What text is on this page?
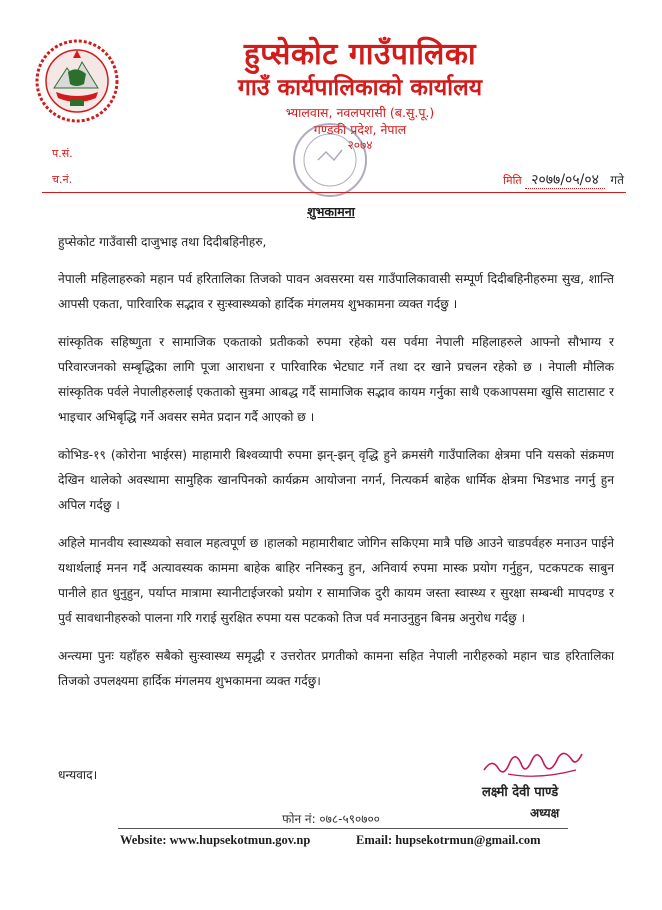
हुप्सेकोट गाउँपालिका
गाउँ कार्यपालिकाको कार्यालय
भ्यालवास, नवलपरासी (ब.सु.पू.)
गण्डकी प्रदेश, नेपाल
२०७४
प.सं.
च.नं.	मिति २०७७/०५/०४ गते
शुभकामना

हुप्सेकोट गाउँवासी दाजुभाइ तथा दिदीबहिनीहरु,

नेपाली महिलाहरुको महान पर्व हरितालिका तिजको पावन अवसरमा यस गाउँपालिकावासी सम्पूर्ण दिदीबहिनीहरुमा सुख, शान्ति आपसी एकता, पारिवारिक सद्भाव र सुःस्वास्थ्यको हार्दिक मंगलमय शुभकामना व्यक्त गर्दछु ।

सांस्कृतिक सहिष्णुता र सामाजिक एकताको प्रतीकको रुपमा रहेको यस पर्वमा नेपाली महिलाहरुले आफ्नो सौभाग्य र परिवारजनको सम्बृद्धिका लागि पूजा आराधना र पारिवारिक भेटघाट गर्ने तथा दर खाने प्रचलन रहेको छ । नेपाली मौलिक सांस्कृतिक पर्वले नेपालीहरुलाई एकताको सुत्रमा आबद्ध गर्दै सामाजिक सद्भाव कायम गर्नुका साथै एकआपसमा खुसि साटासाट र भाइचार अभिबृद्धि गर्ने अवसर समेत प्रदान गर्दै आएको छ ।

कोभिड-१९ (कोरोना भाईरस) माहामारी बिश्वव्यापी रुपमा झन्-झन् वृद्धि हुने क्रमसंगै गाउँपालिका क्षेत्रमा पनि यसको संक्रमण देखिन थालेको अवस्थामा सामुहिक खानपिनको कार्यक्रम आयोजना नगर्न, नित्यकर्म बाहेक धार्मिक क्षेत्रमा भिडभाड नगर्नु हुन अपिल गर्दछु ।

अहिले मानवीय स्वास्थ्यको सवाल महत्वपूर्ण छ ।हालको महामारीबाट जोगिन सकिएमा मात्रै पछि आउने चाडपर्वहरु मनाउन पाईने यथार्थलाई मनन गर्दै अत्यावस्यक काममा बाहेक बाहिर ननिस्कनु हुन, अनिवार्य रुपमा मास्क प्रयोग गर्नुहुन, पटकपटक साबुन पानीले हात धुनुहुन, पर्याप्त मात्रामा स्यानीटाईजरको प्रयोग र सामाजिक दुरी कायम जस्ता स्वास्थ्य र सुरक्षा सम्बन्धी मापदण्ड र पुर्व सावधानीहरुको पालना गरि गराई सुरक्षित रुपमा यस पटकको तिज पर्व मनाउनुहुन बिनम्र अनुरोध गर्दछु ।

अन्त्यमा पुनः यहाँहरु सबैको सुःस्वास्थ्य समृद्धी र उत्तरोतर प्रगतीको कामना सहित नेपाली नारीहरुको महान चाड हरितालिका तिजको उपलक्ष्यमा हार्दिक मंगलमय शुभकामना व्यक्त गर्दछु।

धन्यवाद।
लक्ष्मी देवी पाण्डे
अध्यक्ष
फोन नं: ०७८-५९०७००
Website: www.hupsekotmun.gov.np	Email: hupsekotrmun@gmail.com
